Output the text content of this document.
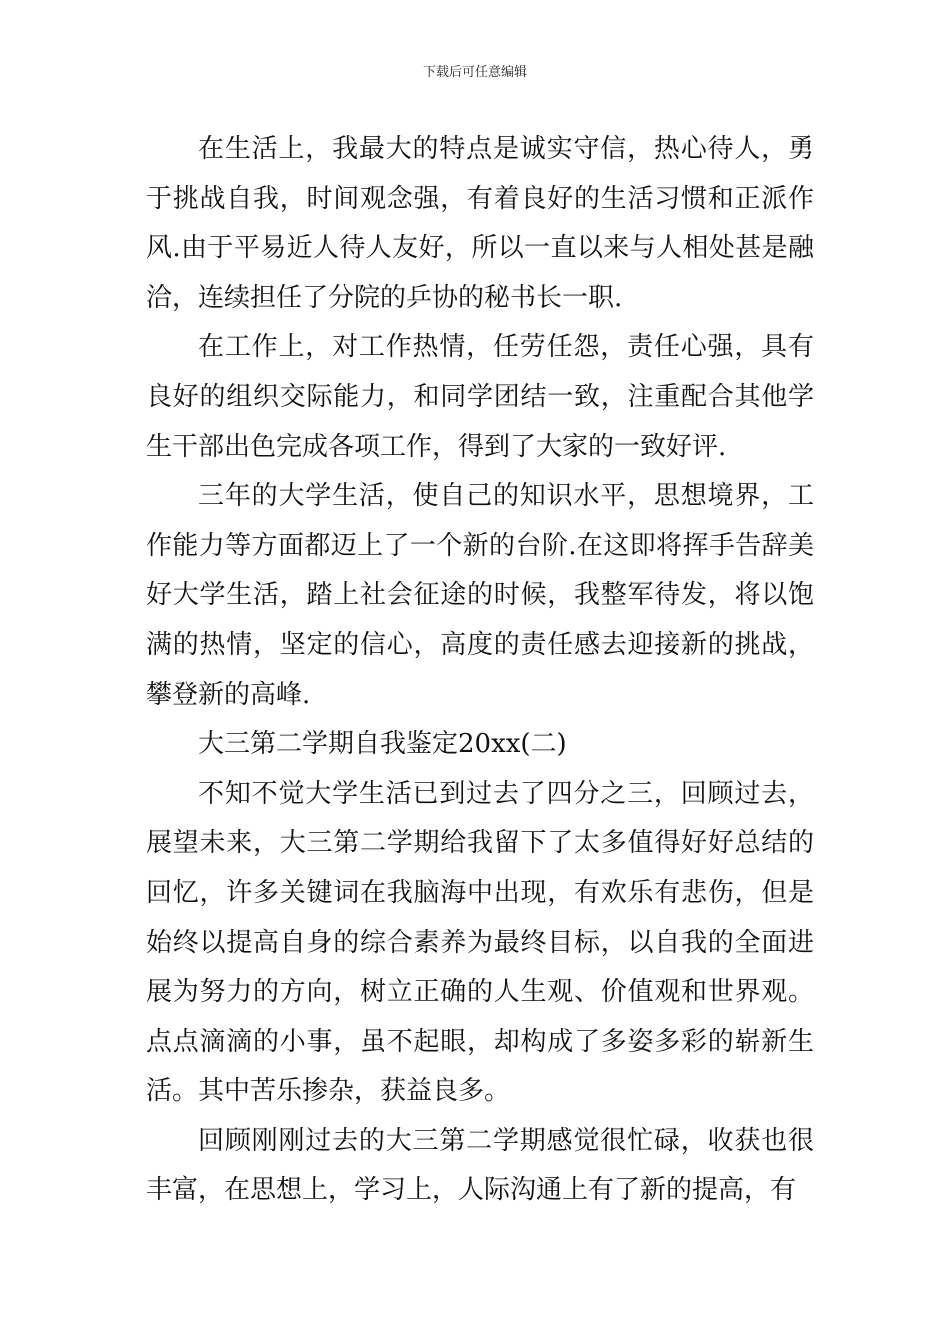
下载后可任意编辑

在生活上，我最大的特点是诚实守信，热心待人，勇于挑战自我，时间观念强，有着良好的生活习惯和正派作风.由于平易近人待人友好，所以一直以来与人相处甚是融洽，连续担任了分院的乒协的秘书长一职.

在工作上，对工作热情，任劳任怨，责任心强，具有良好的组织交际能力，和同学团结一致，注重配合其他学生干部出色完成各项工作，得到了大家的一致好评.

三年的大学生活，使自己的知识水平，思想境界，工作能力等方面都迈上了一个新的台阶.在这即将挥手告辞美好大学生活，踏上社会征途的时候，我整军待发，将以饱满的热情，坚定的信心，高度的责任感去迎接新的挑战，攀登新的高峰.

大三第二学期自我鉴定20xx(二)

不知不觉大学生活已到过去了四分之三，回顾过去，展望未来，大三第二学期给我留下了太多值得好好总结的回忆，许多关键词在我脑海中出现，有欢乐有悲伤，但是始终以提高自身的综合素养为最终目标，以自我的全面进展为努力的方向，树立正确的人生观、价值观和世界观。点点滴滴的小事，虽不起眼，却构成了多姿多彩的崭新生活。其中苦乐掺杂，获益良多。

回顾刚刚过去的大三第二学期感觉很忙碌，收获也很丰富，在思想上，学习上，人际沟通上有了新的提高，有
